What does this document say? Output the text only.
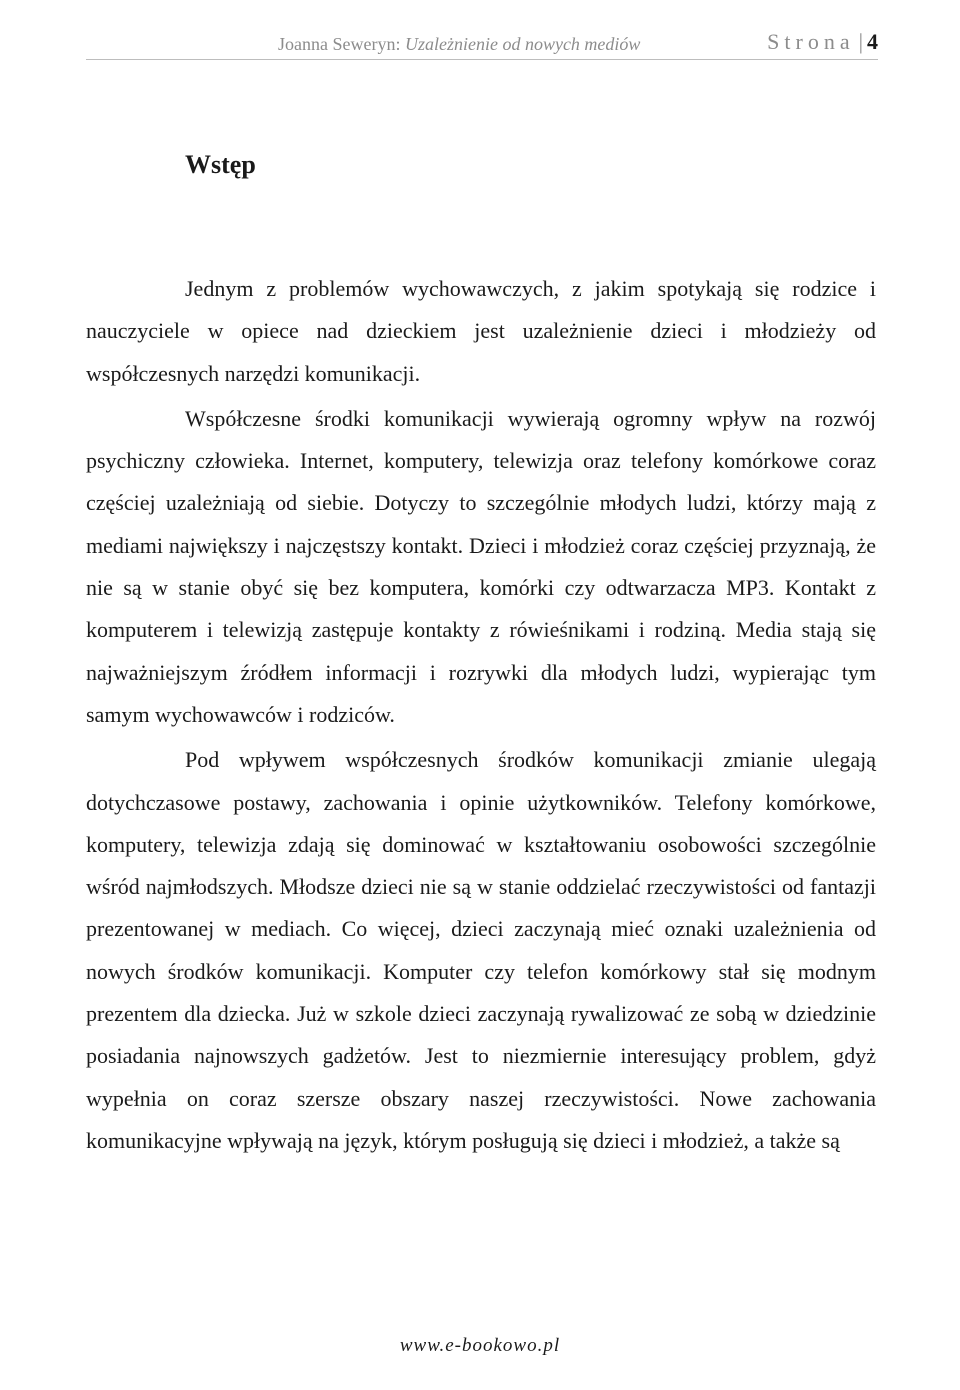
Joanna Seweryn: Uzależnienie od nowych mediów	Strona | 4
Wstęp

Jednym z problemów wychowawczych, z jakim spotykają się rodzice i nauczyciele w opiece nad dzieckiem jest uzależnienie dzieci i młodzieży od współczesnych narzędzi komunikacji.

Współczesne środki komunikacji wywierają ogromny wpływ na rozwój psychiczny człowieka. Internet, komputery, telewizja oraz telefony komórkowe coraz częściej uzależniają od siebie. Dotyczy to szczególnie młodych ludzi, którzy mają z mediami największy i najczęstszy kontakt. Dzieci i młodzież coraz częściej przyznają, że nie są w stanie obyć się bez komputera, komórki czy odtwarzacza MP3. Kontakt z komputerem i telewizją zastępuje kontakty z rówieśnikami i rodziną. Media stają się najważniejszym źródłem informacji i rozrywki dla młodych ludzi, wypierając tym samym wychowawców i rodziców.

Pod wpływem współczesnych środków komunikacji zmianie ulegają dotychczasowe postawy, zachowania i opinie użytkowników. Telefony komórkowe, komputery, telewizja zdają się dominować w kształtowaniu osobowości szczególnie wśród najmłodszych. Młodsze dzieci nie są w stanie oddzielać rzeczywistości od fantazji prezentowanej w mediach. Co więcej, dzieci zaczynają mieć oznaki uzależnienia od nowych środków komunikacji. Komputer czy telefon komórkowy stał się modnym prezentem dla dziecka. Już w szkole dzieci zaczynają rywalizować ze sobą w dziedzinie posiadania najnowszych gadżetów. Jest to niezmiernie interesujący problem, gdyż wypełnia on coraz szersze obszary naszej rzeczywistości. Nowe zachowania komunikacyjne wpływają na język, którym posługują się dzieci i młodzież, a także są

www.e-bookowo.pl
